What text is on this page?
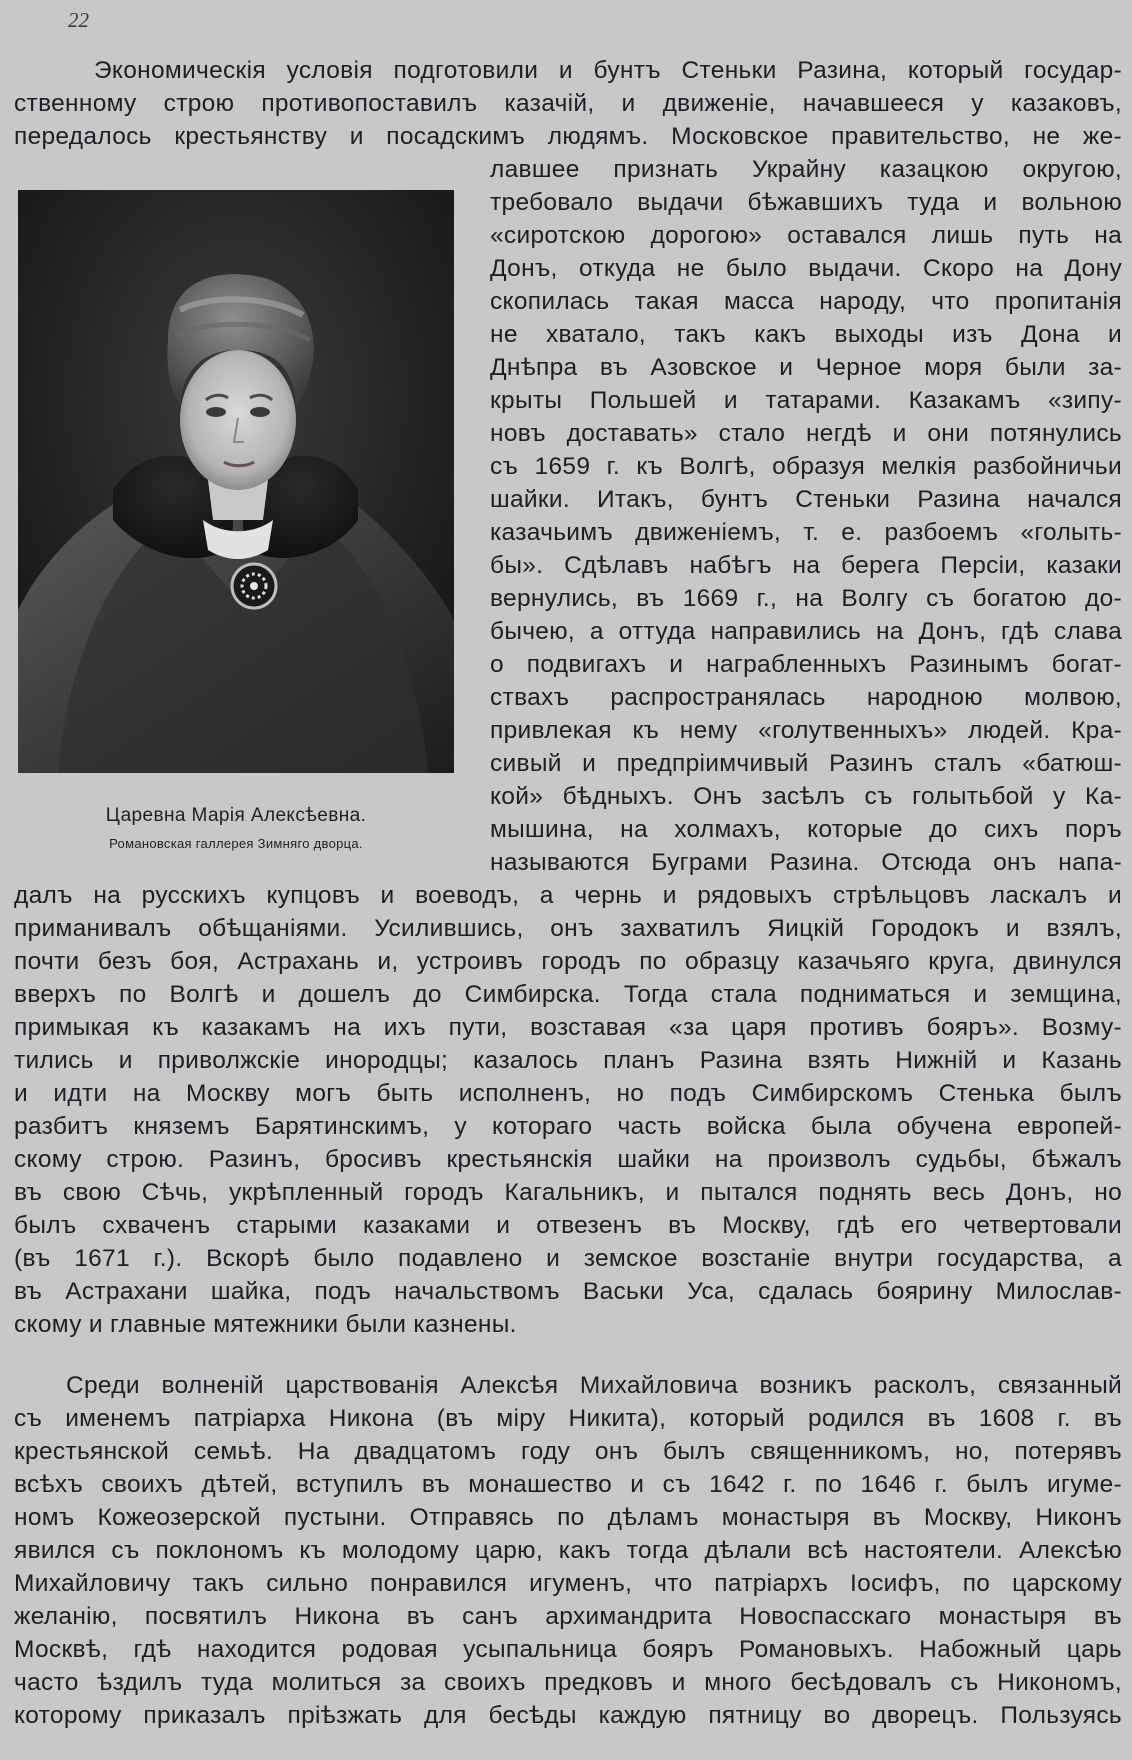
22
Царевна Марія Алексѣевна.
Романовская галлерея Зимняго дворца.
Экономическія условія подготовили и бунтъ Стеньки Разина, который государ-
ственному строю противопоставилъ казачій, и движеніе, начавшееся у казаковъ,
передалось крестьянству и посадскимъ людямъ. Московское правительство, не же-
лавшее признать Украйну казацкою округою,
требовало выдачи бѣжавшихъ туда и вольною
«сиротскою дорогою» оставался лишь путь на
Донъ, откуда не было выдачи. Скоро на Дону
скопилась такая масса народу, что пропитанія
не хватало, такъ какъ выходы изъ Дона и
Днѣпра въ Азовское и Черное моря были за-
крыты Польшей и татарами. Казакамъ «зипу-
новъ доставать» стало негдѣ и они потянулись
съ 1659 г. къ Волгѣ, образуя мелкія разбойничьи
шайки. Итакъ, бунтъ Стеньки Разина начался
казачьимъ движеніемъ, т. е. разбоемъ «голыть-
бы». Сдѣлавъ набѣгъ на берега Персіи, казаки
вернулись, въ 1669 г., на Волгу съ богатою до-
бычею, а оттуда направились на Донъ, гдѣ слава
о подвигахъ и награбленныхъ Разинымъ богат-
ствахъ распространялась народною молвою,
привлекая къ нему «голутвенныхъ» людей. Кра-
сивый и предпріимчивый Разинъ сталъ «батюш-
кой» бѣдныхъ. Онъ засѣлъ съ голытьбой у Ка-
мышина, на холмахъ, которые до сихъ поръ
называются Буграми Разина. Отсюда онъ напа-
далъ на русскихъ купцовъ и воеводъ, а чернь и рядовыхъ стрѣльцовъ ласкалъ и
приманивалъ обѣщаніями. Усилившись, онъ захватилъ Яицкій Городокъ и взялъ,
почти безъ боя, Астрахань и, устроивъ городъ по образцу казачьяго круга, двинулся
вверхъ по Волгѣ и дошелъ до Симбирска. Тогда стала подниматься и земщина,
примыкая къ казакамъ на ихъ пути, возставая «за царя противъ бояръ». Возму-
тились и приволжскіе инородцы; казалось планъ Разина взять Нижній и Казань
и идти на Москву могъ быть исполненъ, но подъ Симбирскомъ Стенька былъ
разбитъ княземъ Барятинскимъ, у котораго часть войска была обучена европей-
скому строю. Разинъ, бросивъ крестьянскія шайки на произволъ судьбы, бѣжалъ
въ свою Сѣчь, укрѣпленный городъ Кагальникъ, и пытался поднять весь Донъ, но
былъ схваченъ старыми казаками и отвезенъ въ Москву, гдѣ его четвертовали
(въ 1671 г.). Вскорѣ было подавлено и земское возстаніе внутри государства, а
въ Астрахани шайка, подъ начальствомъ Васьки Уса, сдалась боярину Милослав-
скому и главные мятежники были казнены.
Среди волненій царствованія Алексѣя Михайловича возникъ расколъ, связанный
съ именемъ патріарха Никона (въ міру Никита), который родился въ 1608 г. въ
крестьянской семьѣ. На двадцатомъ году онъ былъ священникомъ, но, потерявъ
всѣхъ своихъ дѣтей, вступилъ въ монашество и съ 1642 г. по 1646 г. былъ игуме-
номъ Кожеозерской пустыни. Отправясь по дѣламъ монастыря въ Москву, Никонъ
явился съ поклономъ къ молодому царю, какъ тогда дѣлали всѣ настоятели. Алексѣю
Михайловичу такъ сильно понравился игуменъ, что патріархъ Іосифъ, по царскому
желанію, посвятилъ Никона въ санъ архимандрита Новоспасскаго монастыря въ
Москвѣ, гдѣ находится родовая усыпальница бояръ Романовыхъ. Набожный царь
часто ѣздилъ туда молиться за своихъ предковъ и много бесѣдовалъ съ Никономъ,
которому приказалъ пріѣзжать для бесѣды каждую пятницу во дворецъ. Пользуясь
